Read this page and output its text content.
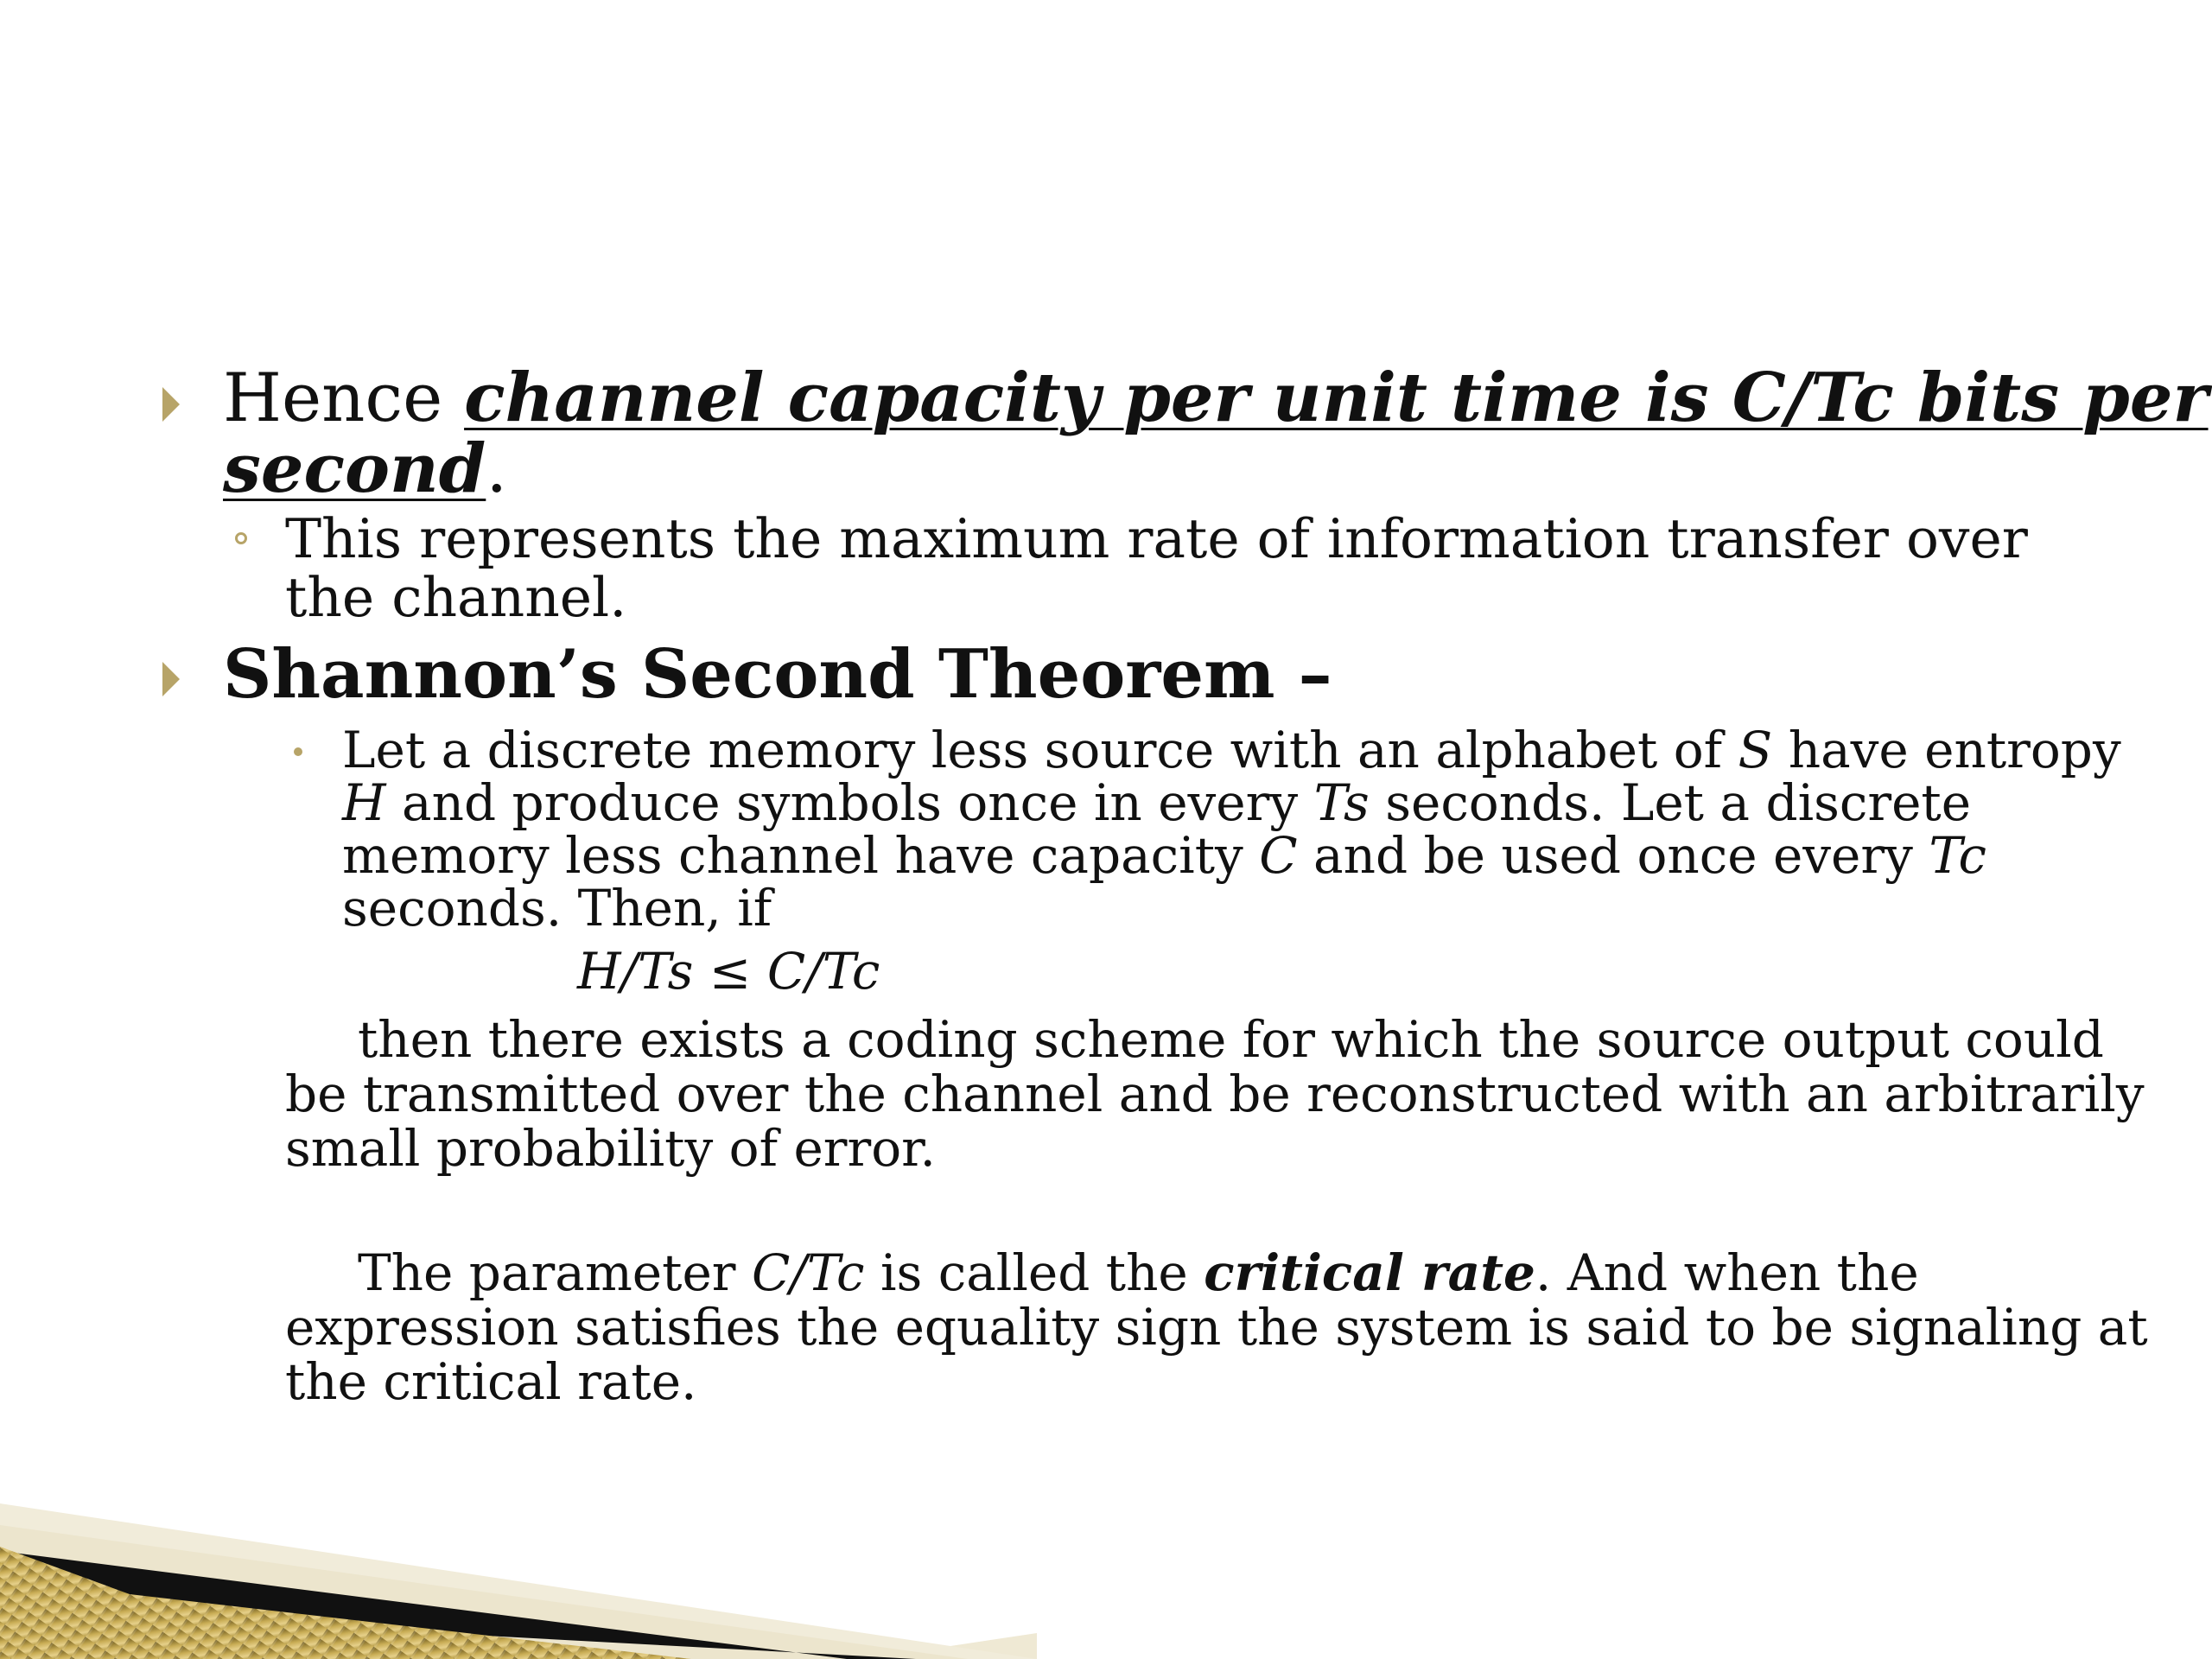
Hence channel capacity per unit time is C/Tc bits per
second.
This represents the maximum rate of information transfer over
the channel.
Shannon’s Second Theorem –
Let a discrete memory less source with an alphabet of S have entropy
H and produce symbols once in every Ts seconds. Let a discrete
memory less channel have capacity C and be used once every Tc
seconds. Then, if
H/Ts ≤ C/Tc
then there exists a coding scheme for which the source output could
be transmitted over the channel and be reconstructed with an arbitrarily
small probability of error.
The parameter C/Tc is called the critical rate. And when the
expression satisfies the equality sign the system is said to be signaling at
the critical rate.
